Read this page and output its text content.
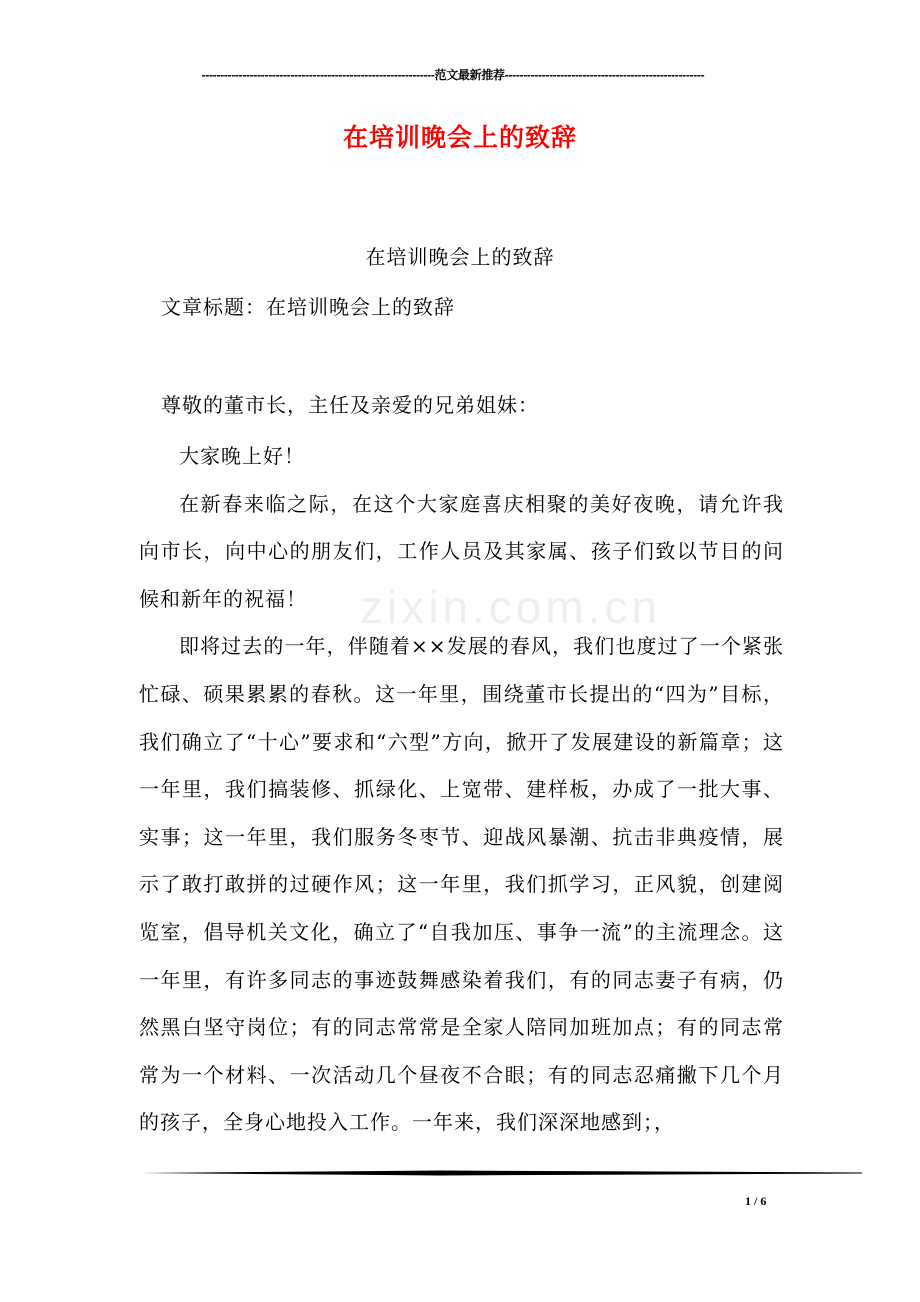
---------------------------------------------------------------范文最新推荐------------------------------------------------------
在培训晚会上的致辞
在培训晚会上的致辞
文章标题：在培训晚会上的致辞
尊敬的董市长，主任及亲爱的兄弟姐妹：

大家晚上好！

在新春来临之际，在这个大家庭喜庆相聚的美好夜晚，请允许我向市长，向中心的朋友们，工作人员及其家属、孩子们致以节日的问候和新年的祝福！

即将过去的一年，伴随着××发展的春风，我们也度过了一个紧张忙碌、硕果累累的春秋。这一年里，围绕董市长提出的“四为”目标，我们确立了“十心”要求和“六型”方向，掀开了发展建设的新篇章；这一年里，我们搞装修、抓绿化、上宽带、建样板，办成了一批大事、实事；这一年里，我们服务冬枣节、迎战风暴潮、抗击非典疫情，展示了敢打敢拼的过硬作风；这一年里，我们抓学习，正风貌，创建阅览室，倡导机关文化，确立了“自我加压、事争一流”的主流理念。这一年里，有许多同志的事迹鼓舞感染着我们，有的同志妻子有病，仍然黑白坚守岗位；有的同志常常是全家人陪同加班加点；有的同志常常为一个材料、一次活动几个昼夜不合眼；有的同志忍痛撇下几个月的孩子，全身心地投入工作。一年来，我们深深地感到；，

zixin.com.cn
1 / 6
